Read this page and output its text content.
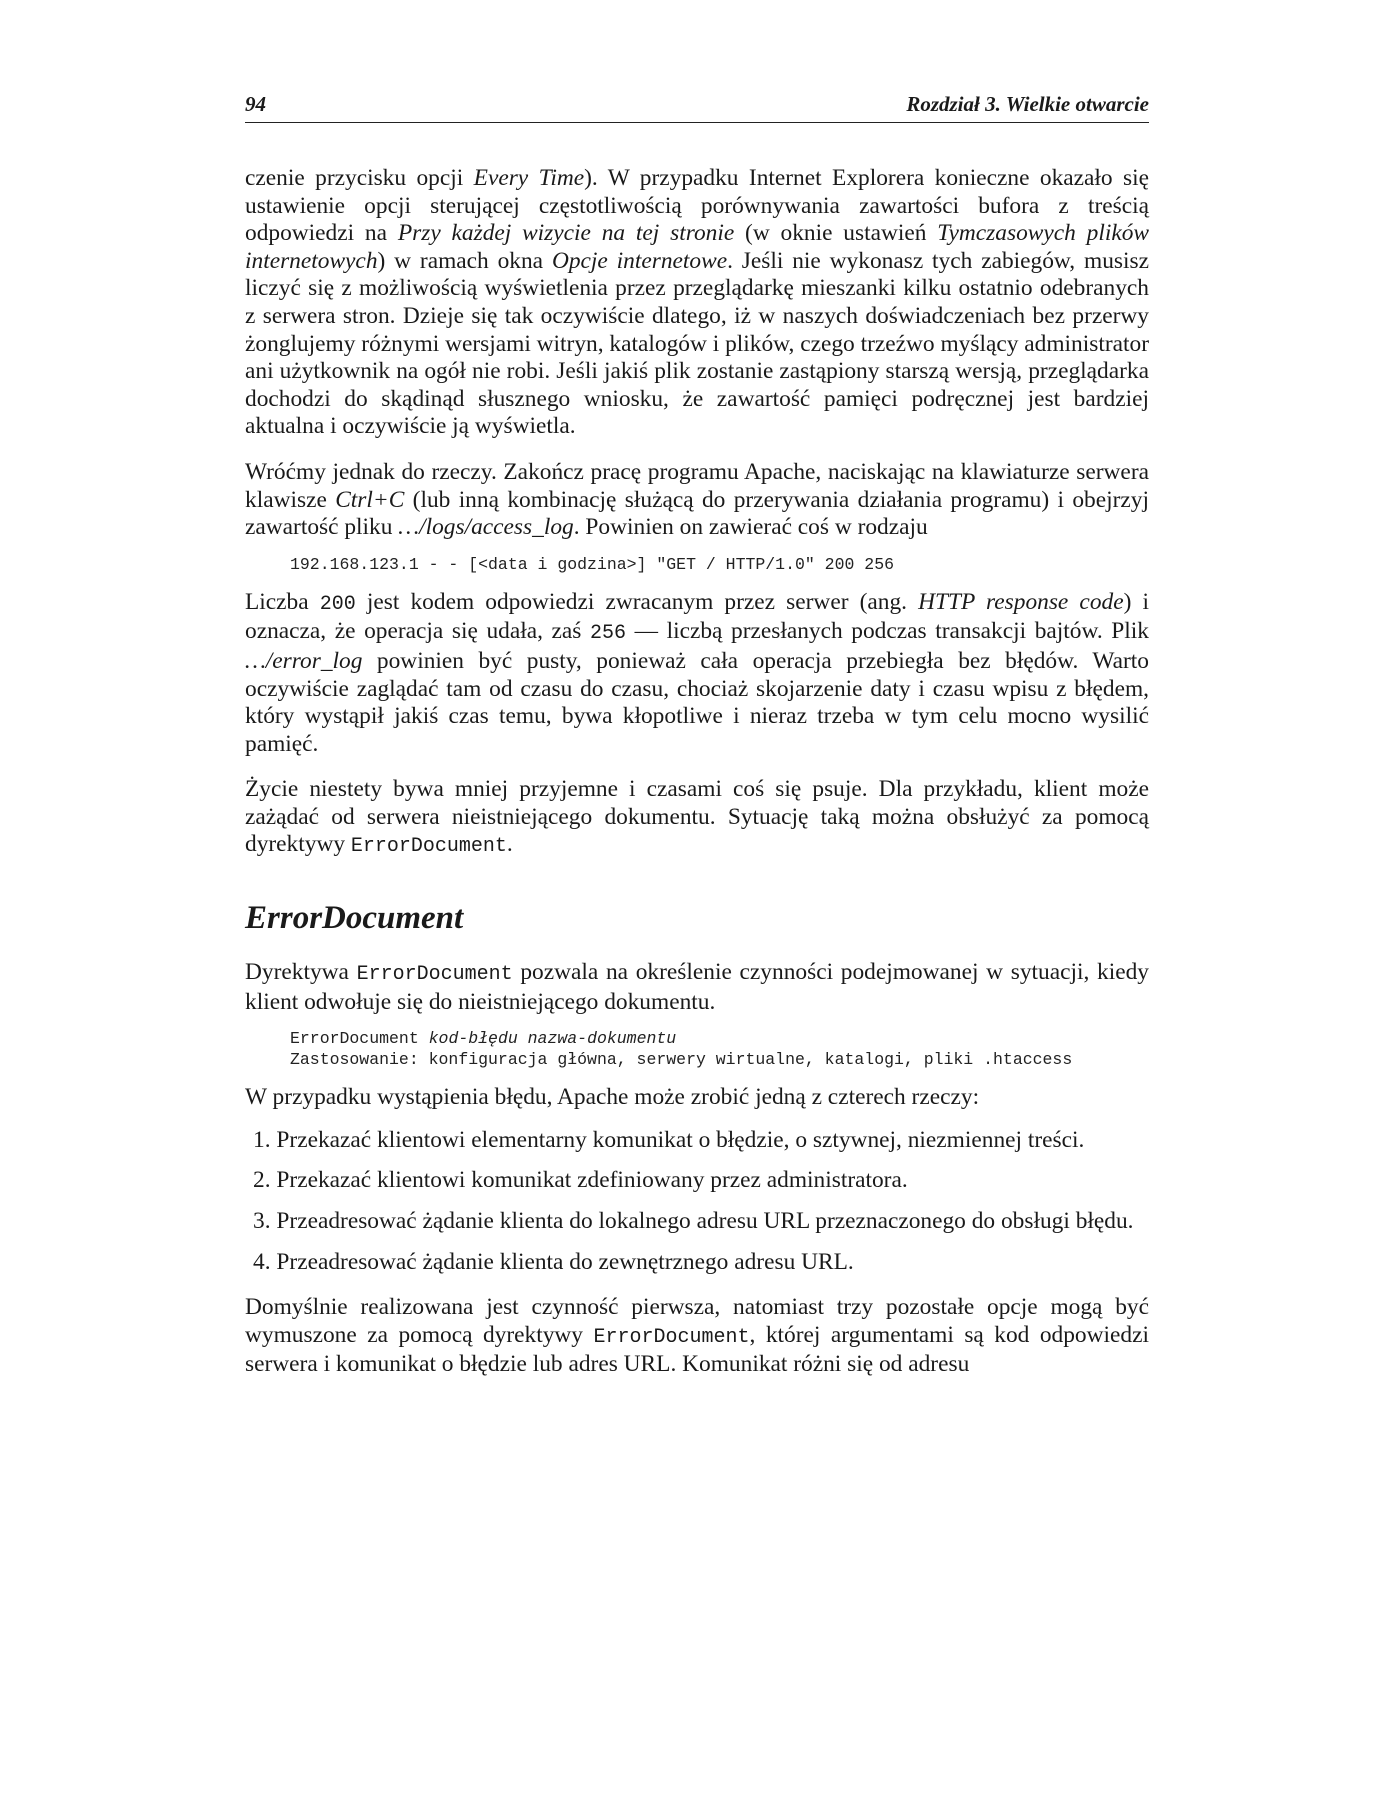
94	Rozdział 3. Wielkie otwarcie

czenie przycisku opcji Every Time). W przypadku Internet Explorera konieczne okazało się ustawienie opcji sterującej częstotliwością porównywania zawartości bufora z treścią odpowiedzi na Przy każdej wizycie na tej stronie (w oknie ustawień Tymczasowych plików internetowych) w ramach okna Opcje internetowe. Jeśli nie wykonasz tych zabiegów, musisz liczyć się z możliwością wyświetlenia przez przeglądarkę mieszanki kilku ostatnio odebranych z serwera stron. Dzieje się tak oczywiście dlatego, iż w naszych doświadczeniach bez przerwy żonglujemy różnymi wersjami witryn, katalogów i plików, czego trzeźwo myślący administrator ani użytkownik na ogół nie robi. Jeśli jakiś plik zostanie zastąpiony starszą wersją, przeglądarka dochodzi do skądinąd słusznego wniosku, że zawartość pamięci podręcznej jest bardziej aktualna i oczywiście ją wyświetla.

Wróćmy jednak do rzeczy. Zakończ pracę programu Apache, naciskając na klawiaturze serwera klawisze Ctrl+C (lub inną kombinację służącą do przerywania działania programu) i obejrzyj zawartość pliku …/logs/access_log. Powinien on zawierać coś w rodzaju

192.168.123.1 - - [<data i godzina>] "GET / HTTP/1.0" 200 256

Liczba 200 jest kodem odpowiedzi zwracanym przez serwer (ang. HTTP response code) i oznacza, że operacja się udała, zaś 256 — liczbą przesłanych podczas transakcji bajtów. Plik …/error_log powinien być pusty, ponieważ cała operacja przebiegła bez błędów. Warto oczywiście zaglądać tam od czasu do czasu, chociaż skojarzenie daty i czasu wpisu z błędem, który wystąpił jakiś czas temu, bywa kłopotliwe i nieraz trzeba w tym celu mocno wysilić pamięć.

Życie niestety bywa mniej przyjemne i czasami coś się psuje. Dla przykładu, klient może zażądać od serwera nieistniejącego dokumentu. Sytuację taką można obsłużyć za pomocą dyrektywy ErrorDocument.

ErrorDocument

Dyrektywa ErrorDocument pozwala na określenie czynności podejmowanej w sytuacji, kiedy klient odwołuje się do nieistniejącego dokumentu.

ErrorDocument kod-błędu nazwa-dokumentu
Zastosowanie: konfiguracja główna, serwery wirtualne, katalogi, pliki .htaccess

W przypadku wystąpienia błędu, Apache może zrobić jedną z czterech rzeczy:

1. Przekazać klientowi elementarny komunikat o błędzie, o sztywnej, niezmiennej treści.
2. Przekazać klientowi komunikat zdefiniowany przez administratora.
3. Przeadresować żądanie klienta do lokalnego adresu URL przeznaczonego do obsługi błędu.
4. Przeadresować żądanie klienta do zewnętrznego adresu URL.

Domyślnie realizowana jest czynność pierwsza, natomiast trzy pozostałe opcje mogą być wymuszone za pomocą dyrektywy ErrorDocument, której argumentami są kod odpowiedzi serwera i komunikat o błędzie lub adres URL. Komunikat różni się od adresu
